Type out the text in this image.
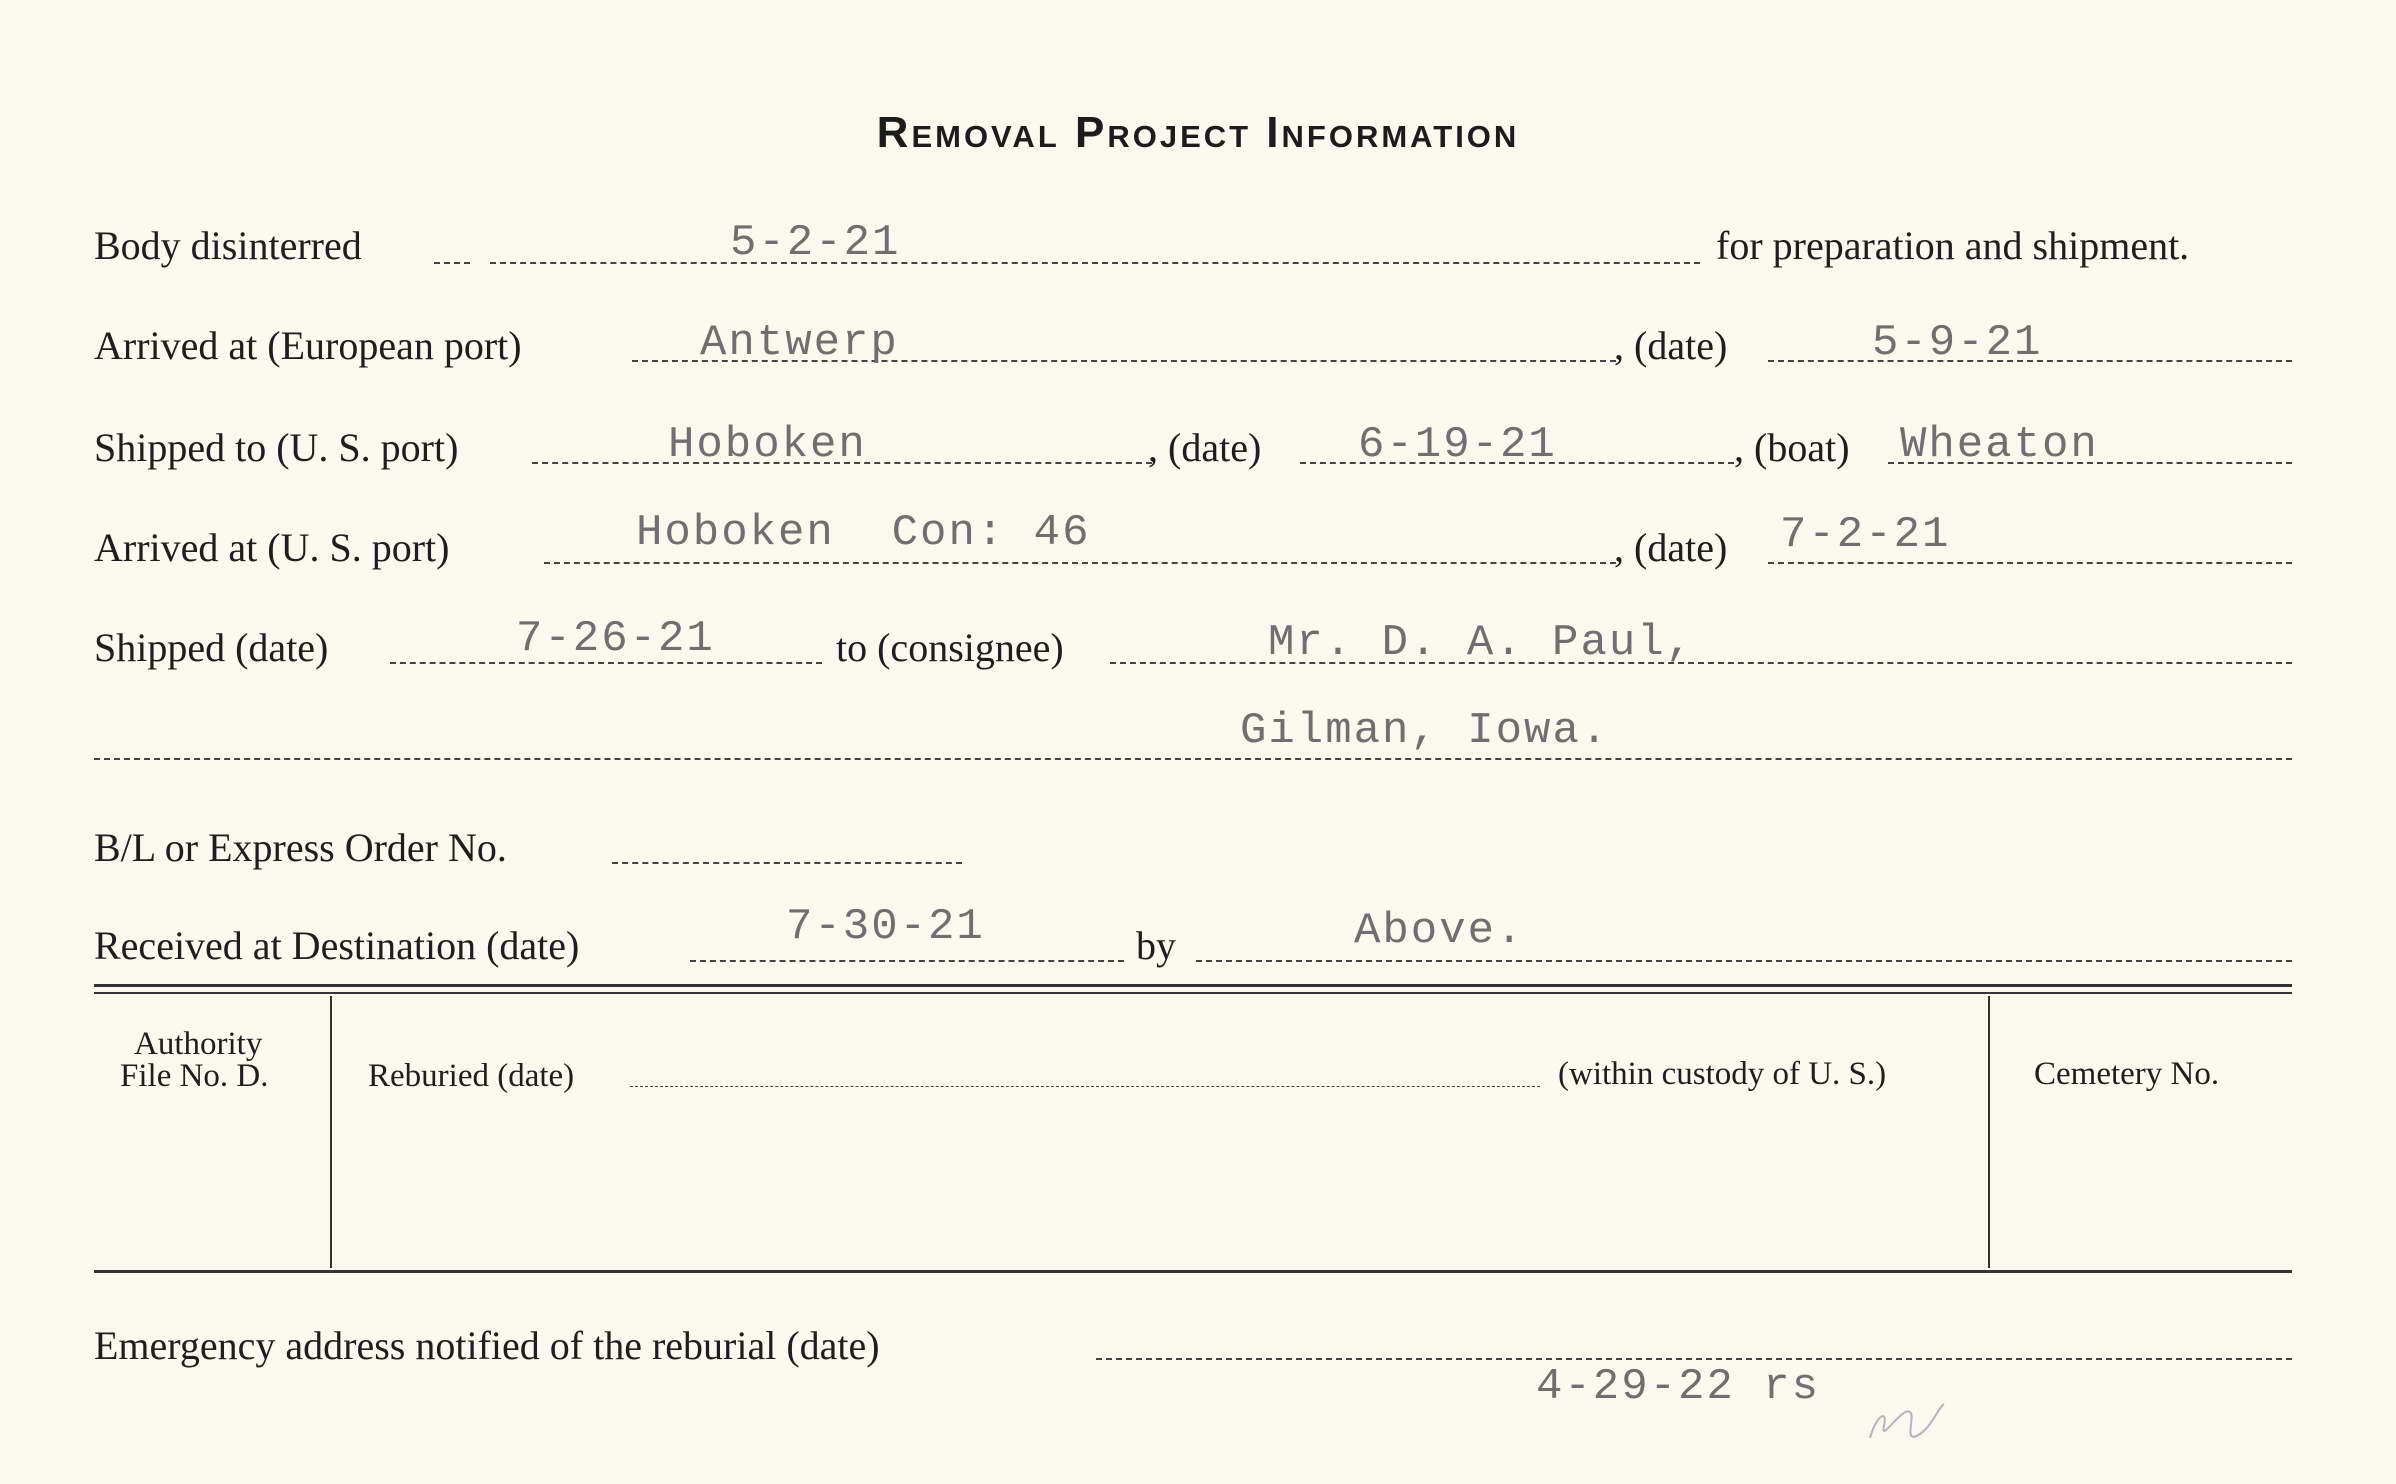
Removal Project Information
Body disinterred	5-2-21	for preparation and shipment.
Arrived at (European port)	Antwerp	, (date)	5-9-21
Shipped to (U. S. port)	Hoboken	, (date) 6-19-21	, (boat) Wheaton
Arrived at (U. S. port)	Hoboken  Con: 46	, (date) 7-2-21
Shipped (date)	7-26-21	to (consignee)	Mr. D. A. Paul,
Gilman, Iowa.
B/L or Express Order No.
Received at Destination (date)	7-30-21	by	Above.
Authority
File No. D.	Reburied (date)	(within custody of U. S.)	Cemetery No.
Emergency address notified of the reburial (date)
4-29-22 rs
